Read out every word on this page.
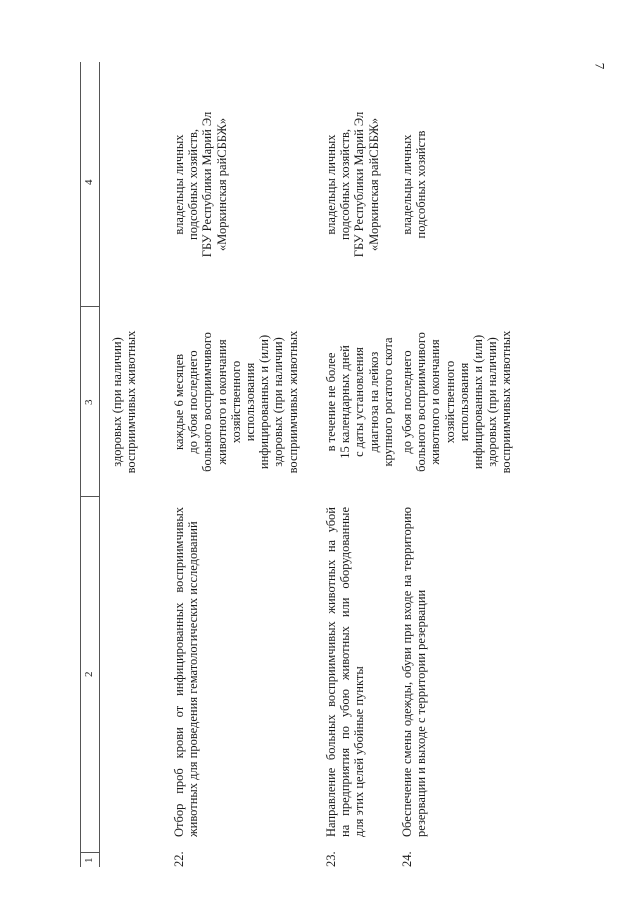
7
1
2
3
4
здоровых (при наличии) восприимчивых животных
22.
Отбор проб крови от инфицированных восприимчивых животных для проведения гематологических исследований
каждые 6 месяцев до убоя последнего больного восприимчивого животного и окончания хозяйственного использования инфицированных и (или) здоровых (при наличии) восприимчивых животных
владельцы личных подсобных хозяйств, ГБУ Республики Марий Эл «Моркинская райСББЖ»
23.
Направление больных восприимчивых животных на убой на предприятия по убою животных или оборудованные для этих целей убойные пункты
в течение не более 15 календарных дней с даты установления диагноза на лейкоз крупного рогатого скота
владельцы личных подсобных хозяйств, ГБУ Республики Марий Эл «Моркинская райСББЖ»
24.
Обеспечение смены одежды, обуви при входе на территорию резервации и выходе с территории резервации
до убоя последнего больного восприимчивого животного и окончания хозяйственного использования инфицированных и (или) здоровых (при наличии) восприимчивых животных
владельцы личных подсобных хозяйств
